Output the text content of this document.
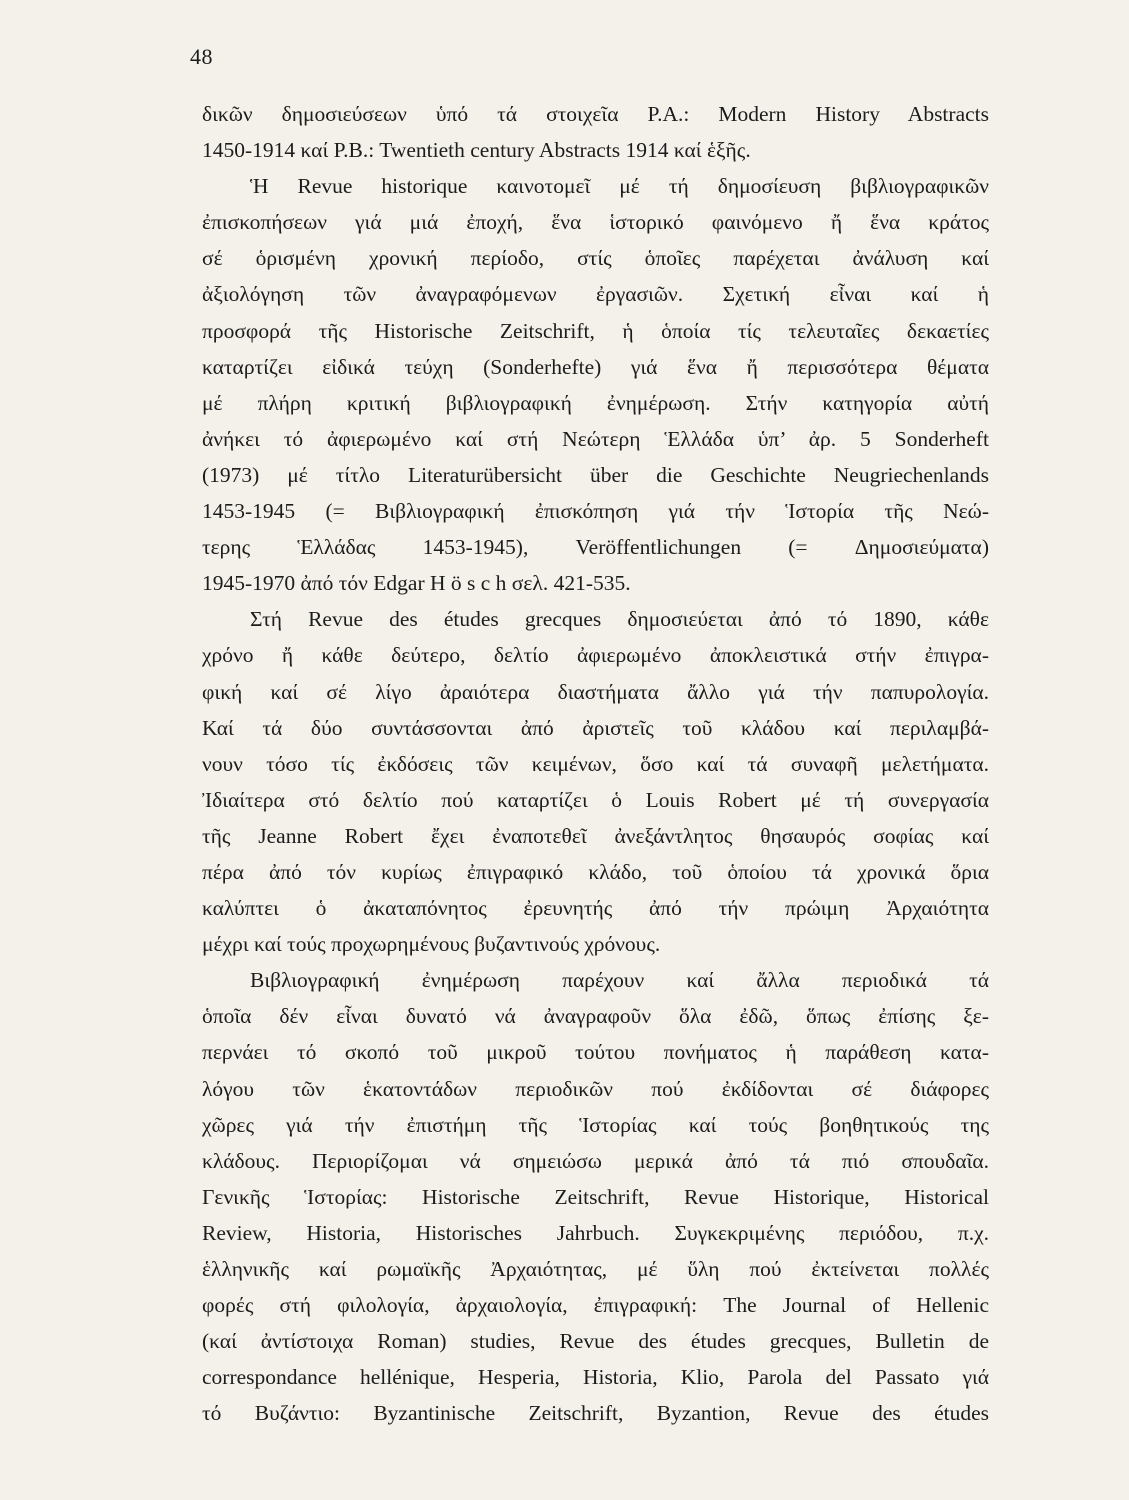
48
δικῶν δημοσιεύσεων ὑπό τά στοιχεῖα P.A.: Modern History Abstracts
1450-1914 καί P.B.: Twentieth century Abstracts 1914 καί ἑξῆς.
Ἡ Revue historique καινοτομεῖ μέ τή δημοσίευση βιβλιογραφικῶν
ἐπισκοπήσεων γιά μιά ἐποχή, ἕνα ἱστορικό φαινόμενο ἤ ἕνα κράτος
σέ ὁρισμένη χρονική περίοδο, στίς ὁποῖες παρέχεται ἀνάλυση καί
ἀξιολόγηση τῶν ἀναγραφόμενων ἐργασιῶν. Σχετική εἶναι καί ἡ
προσφορά τῆς Historische Zeitschrift, ἡ ὁποία τίς τελευταῖες δεκαετίες
καταρτίζει εἰδικά τεύχη (Sonderhefte) γιά ἕνα ἤ περισσότερα θέματα
μέ πλήρη κριτική βιβλιογραφική ἐνημέρωση. Στήν κατηγορία αὐτή
ἀνήκει τό ἀφιερωμένο καί στή Νεώτερη Ἑλλάδα ὑπ’ ἀρ. 5 Sonderheft
(1973) μέ τίτλο Literaturübersicht über die Geschichte Neugriechenlands
1453-1945 (= Βιβλιογραφική ἐπισκόπηση γιά τήν Ἱστορία τῆς Νεώ-
τερης Ἑλλάδας 1453-1945), Veröffentlichungen (= Δημοσιεύματα)
1945-1970 ἀπό τόν Edgar H ö s c h σελ. 421-535.
Στή Revue des études grecques δημοσιεύεται ἀπό τό 1890, κάθε
χρόνο ἤ κάθε δεύτερο, δελτίο ἀφιερωμένο ἀποκλειστικά στήν ἐπιγρα-
φική καί σέ λίγο ἀραιότερα διαστήματα ἄλλο γιά τήν παπυρολογία.
Καί τά δύο συντάσσονται ἀπό ἀριστεῖς τοῦ κλάδου καί περιλαμβά-
νουν τόσο τίς ἐκδόσεις τῶν κειμένων, ὅσο καί τά συναφῆ μελετήματα.
Ἰδιαίτερα στό δελτίο πού καταρτίζει ὁ Louis Robert μέ τή συνεργασία
τῆς Jeanne Robert ἔχει ἐναποτεθεῖ ἀνεξάντλητος θησαυρός σοφίας καί
πέρα ἀπό τόν κυρίως ἐπιγραφικό κλάδο, τοῦ ὁποίου τά χρονικά ὅρια
καλύπτει ὁ ἀκαταπόνητος ἐρευνητής ἀπό τήν πρώιμη Ἀρχαιότητα
μέχρι καί τούς προχωρημένους βυζαντινούς χρόνους.
Βιβλιογραφική ἐνημέρωση παρέχουν καί ἄλλα περιοδικά τά
ὁποῖα δέν εἶναι δυνατό νά ἀναγραφοῦν ὅλα ἐδῶ, ὅπως ἐπίσης ξε-
περνάει τό σκοπό τοῦ μικροῦ τούτου πονήματος ἡ παράθεση κατα-
λόγου τῶν ἑκατοντάδων περιοδικῶν πού ἐκδίδονται σέ διάφορες
χῶρες γιά τήν ἐπιστήμη τῆς Ἱστορίας καί τούς βοηθητικούς της
κλάδους. Περιορίζομαι νά σημειώσω μερικά ἀπό τά πιό σπουδαῖα.
Γενικῆς Ἱστορίας: Historische Zeitschrift, Revue Historique, Historical
Review, Historia, Historisches Jahrbuch. Συγκεκριμένης περιόδου, π.χ.
ἑλληνικῆς καί ρωμαϊκῆς Ἀρχαιότητας, μέ ὕλη πού ἐκτείνεται πολλές
φορές στή φιλολογία, ἀρχαιολογία, ἐπιγραφική: The Journal of Hellenic
(καί ἀντίστοιχα Roman) studies, Revue des études grecques, Bulletin de
correspondance hellénique, Hesperia, Historia, Klio, Parola del Passato γιά
τό Βυζάντιο: Byzantinische Zeitschrift, Byzantion, Revue des études
